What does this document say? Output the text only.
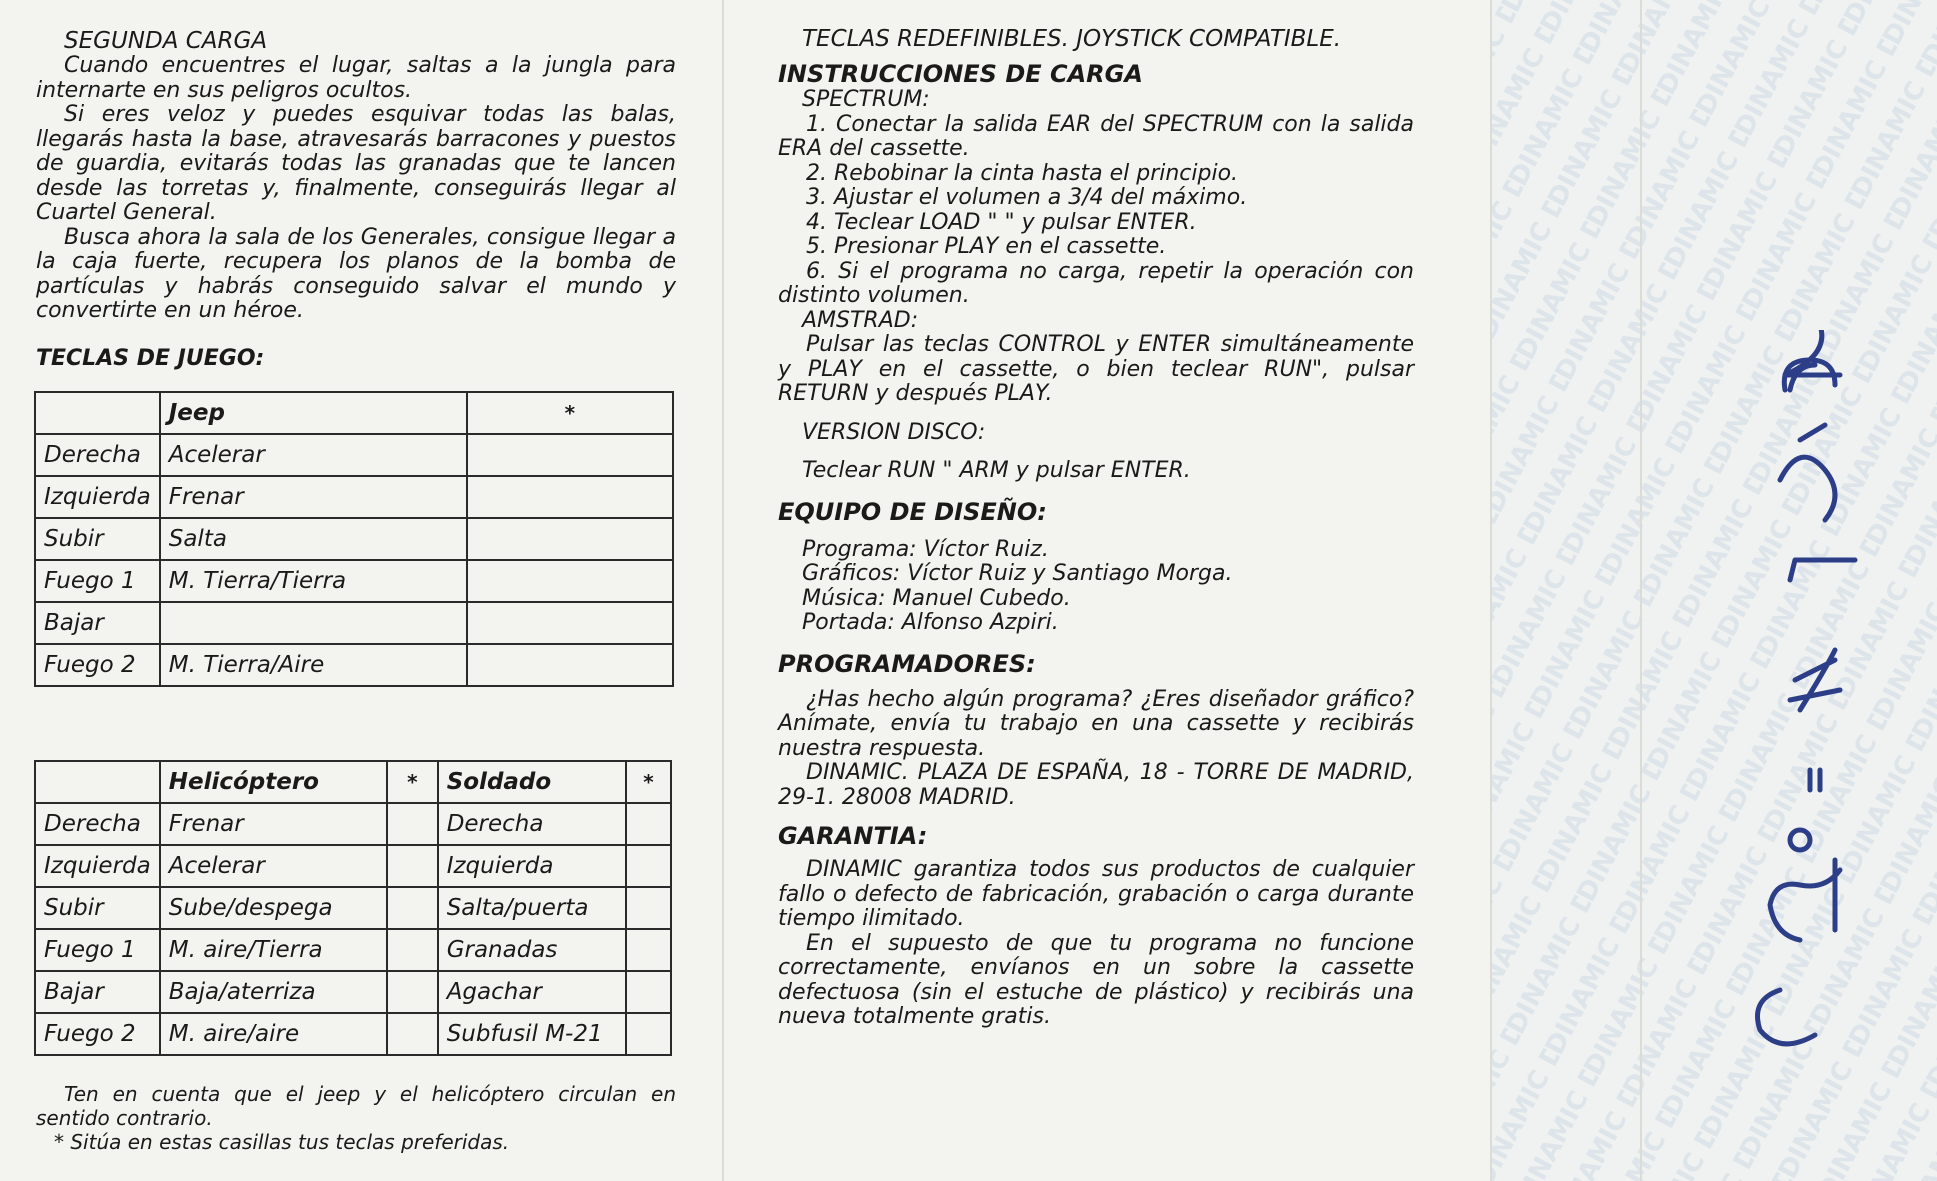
SEGUNDA CARGA

Cuando encuentres el lugar, saltas a la jungla para internarte en sus peligros ocultos.

Si eres veloz y puedes esquivar todas las balas, llegarás hasta la base, atravesarás barracones y puestos de guardia, evitarás todas las granadas que te lancen desde las torretas y, finalmente, conseguirás llegar al Cuartel General.

Busca ahora la sala de los Generales, consigue llegar a la caja fuerte, recupera los planos de la bomba de partículas y habrás conseguido salvar el mundo y convertirte en un héroe.

TECLAS DE JUEGO:

	Jeep	*
Derecha	Acelerar	
Izquierda	Frenar	
Subir	Salta	
Fuego 1	M. Tierra/Tierra	
Bajar		
Fuego 2	M. Tierra/Aire	
	Helicóptero	*	Soldado	*
Derecha	Frenar		Derecha	
Izquierda	Acelerar		Izquierda	
Subir	Sube/despega		Salta/puerta	
Fuego 1	M. aire/Tierra		Granadas	
Bajar	Baja/aterriza		Agachar	
Fuego 2	M. aire/aire		Subfusil M-21	

Ten en cuenta que el jeep y el helicóptero circulan en sentido contrario.

* Sitúa en estas casillas tus teclas preferidas.

TECLAS REDEFINIBLES. JOYSTICK COMPATIBLE.

INSTRUCCIONES DE CARGA

SPECTRUM:

1. Conectar la salida EAR del SPECTRUM con la salida ERA del cassette.

2. Rebobinar la cinta hasta el principio.

3. Ajustar el volumen a 3/4 del máximo.

4. Teclear LOAD " " y pulsar ENTER.

5. Presionar PLAY en el cassette.

6. Si el programa no carga, repetir la operación con distinto volumen.

AMSTRAD:

Pulsar las teclas CONTROL y ENTER simultáneamente y PLAY en el cassette, o bien teclear RUN", pulsar RETURN y después PLAY.

VERSION DISCO:

Teclear RUN " ARM y pulsar ENTER.

EQUIPO DE DISEÑO:

Programa: Víctor Ruiz.

Gráficos: Víctor Ruiz y Santiago Morga.

Música: Manuel Cubedo.

Portada: Alfonso Azpiri.

PROGRAMADORES:

¿Has hecho algún programa? ¿Eres diseñador gráfico? Anímate, envía tu trabajo en una cassette y recibirás nuestra respuesta.

DINAMIC. PLAZA DE ESPAÑA, 18 - TORRE DE MADRID, 29-1. 28008 MADRID.

GARANTIA:

DINAMIC garantiza todos sus productos de cualquier fallo o defecto de fabricación, grabación o carga durante tiempo ilimitado.

En el supuesto de que tu programa no funcione correctamente, envíanos en un sobre la cassette defectuosa (sin el estuche de plástico) y recibirás una nueva totalmente gratis.
